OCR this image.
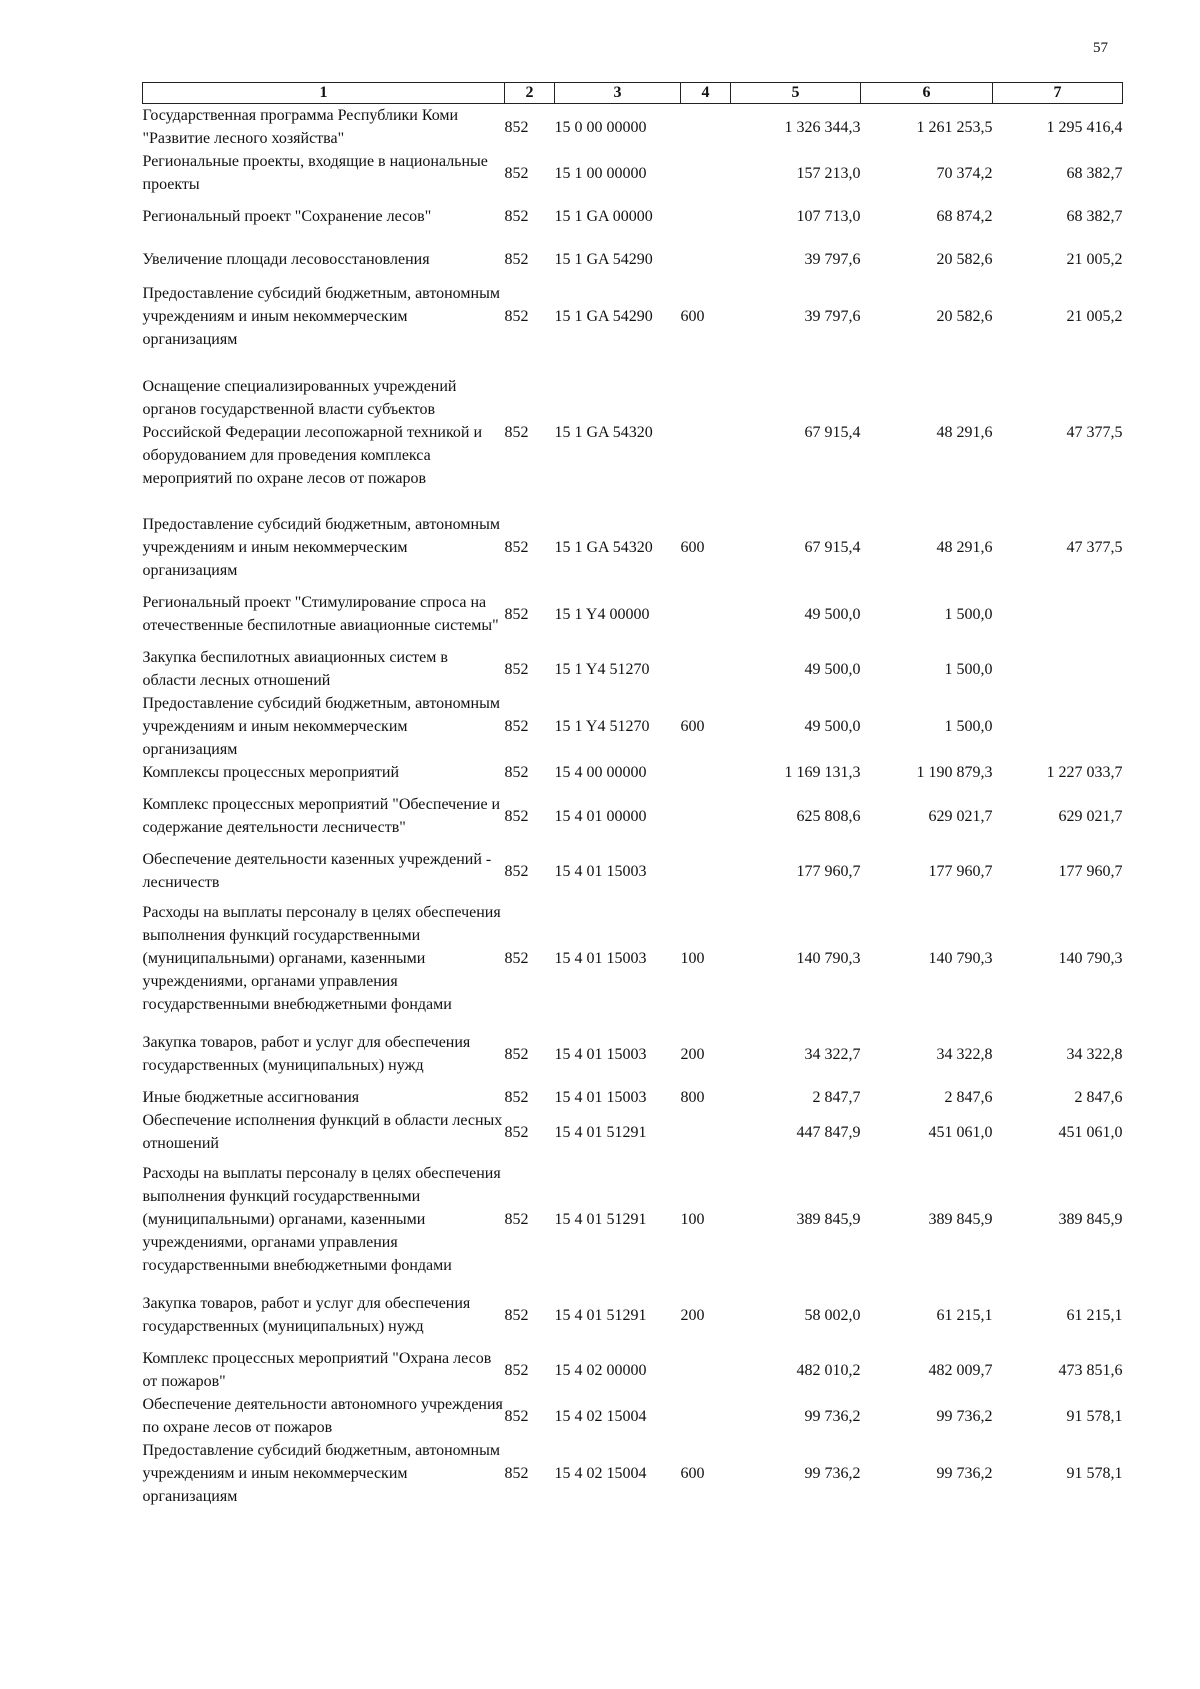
57
1	2	3	4	5	6	7
Государственная программа Республики Коми "Развитие лесного хозяйства"	852	15 0 00 00000		1 326 344,3	1 261 253,5	1 295 416,4
Региональные проекты, входящие в национальные проекты	852	15 1 00 00000		157 213,0	70 374,2	68 382,7
Региональный проект "Сохранение лесов"	852	15 1 GA 00000		107 713,0	68 874,2	68 382,7
Увеличение площади лесовосстановления	852	15 1 GA 54290		39 797,6	20 582,6	21 005,2
Предоставление субсидий бюджетным, автономным учреждениям и иным некоммерческим организациям	852	15 1 GA 54290	600	39 797,6	20 582,6	21 005,2
Оснащение специализированных учреждений органов государственной власти субъектов Российской Федерации лесопожарной техникой и оборудованием для проведения комплекса мероприятий по охране лесов от пожаров	852	15 1 GA 54320		67 915,4	48 291,6	47 377,5
Предоставление субсидий бюджетным, автономным учреждениям и иным некоммерческим организациям	852	15 1 GA 54320	600	67 915,4	48 291,6	47 377,5
Региональный проект "Стимулирование спроса на отечественные беспилотные авиационные системы"	852	15 1 Y4 00000		49 500,0	1 500,0	
Закупка беспилотных авиационных систем в области лесных отношений	852	15 1 Y4 51270		49 500,0	1 500,0	
Предоставление субсидий бюджетным, автономным учреждениям и иным некоммерческим организациям	852	15 1 Y4 51270	600	49 500,0	1 500,0	
Комплексы процессных мероприятий	852	15 4 00 00000		1 169 131,3	1 190 879,3	1 227 033,7
Комплекс процессных мероприятий "Обеспечение и содержание деятельности лесничеств"	852	15 4 01 00000		625 808,6	629 021,7	629 021,7
Обеспечение деятельности казенных учреждений - лесничеств	852	15 4 01 15003		177 960,7	177 960,7	177 960,7
Расходы на выплаты персоналу в целях обеспечения выполнения функций государственными (муниципальными) органами, казенными учреждениями, органами управления государственными внебюджетными фондами	852	15 4 01 15003	100	140 790,3	140 790,3	140 790,3
Закупка товаров, работ и услуг для обеспечения государственных (муниципальных) нужд	852	15 4 01 15003	200	34 322,7	34 322,8	34 322,8
Иные бюджетные ассигнования	852	15 4 01 15003	800	2 847,7	2 847,6	2 847,6
Обеспечение исполнения функций в области лесных отношений	852	15 4 01 51291		447 847,9	451 061,0	451 061,0
Расходы на выплаты персоналу в целях обеспечения выполнения функций государственными (муниципальными) органами, казенными учреждениями, органами управления государственными внебюджетными фондами	852	15 4 01 51291	100	389 845,9	389 845,9	389 845,9
Закупка товаров, работ и услуг для обеспечения государственных (муниципальных) нужд	852	15 4 01 51291	200	58 002,0	61 215,1	61 215,1
Комплекс процессных мероприятий "Охрана лесов от пожаров"	852	15 4 02 00000		482 010,2	482 009,7	473 851,6
Обеспечение деятельности автономного учреждения по охране лесов от пожаров	852	15 4 02 15004		99 736,2	99 736,2	91 578,1
Предоставление субсидий бюджетным, автономным учреждениям и иным некоммерческим организациям	852	15 4 02 15004	600	99 736,2	99 736,2	91 578,1
